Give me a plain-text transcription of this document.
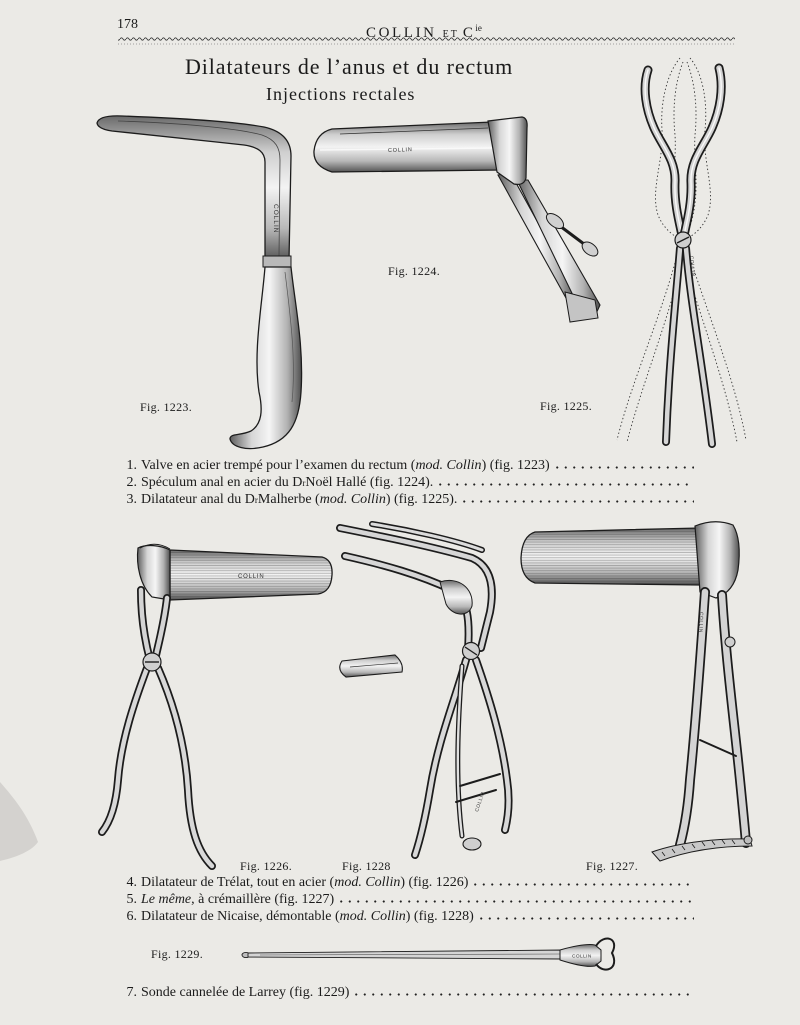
COLLIN
COLLIN
COLLIN
COLLIN
COLLIN
COLLIN
COLLIN
178
COLLIN ET $C^{ie}$
Dilatateurs de l’anus et du rectum
Injections rectales
Fig. 1223.
Fig. 1224.
Fig. 1225.
Fig. 1226.	Fig. 1228	Fig. 1227.
Fig. 1229.
1. Valve en acier trempé pour l’examen du rectum ( mod. Collin ) (fig. 1223)
2. Spéculum anal en acier du D r Noël Hallé (fig. 1224).
3. Dilatateur anal du D r Malherbe ( mod. Collin ) (fig. 1225).
4. Dilatateur de Trélat, tout en acier ( mod. Collin ) (fig. 1226)
5. Le même , à crémaillère (fig. 1227)
6. Dilatateur de Nicaise, démontable ( mod. Collin ) (fig. 1228)
7. Sonde cannelée de Larrey (fig. 1229)
